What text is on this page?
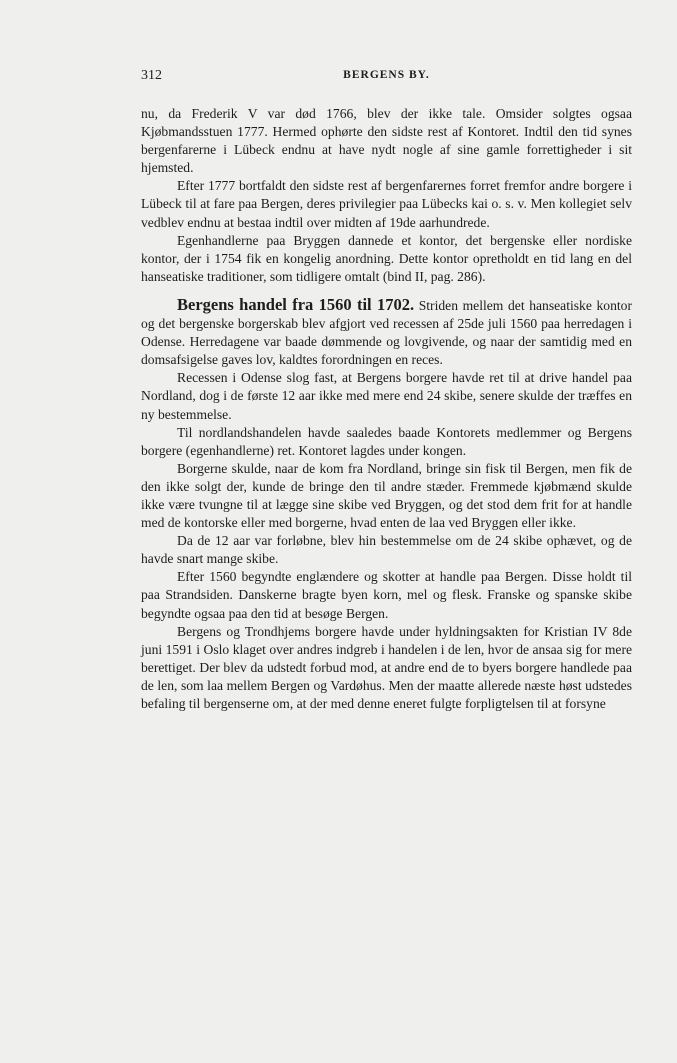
312	BERGENS BY.

nu, da Frederik V var død 1766, blev der ikke tale. Omsider solgtes ogsaa Kjøbmandsstuen 1777. Hermed ophørte den sidste rest af Kontoret. Indtil den tid synes bergenfarerne i Lübeck endnu at have nydt nogle af sine gamle forrettigheder i sit hjemsted.

Efter 1777 bortfaldt den sidste rest af bergenfarernes forret fremfor andre borgere i Lübeck til at fare paa Bergen, deres privilegier paa Lübecks kai o. s. v. Men kollegiet selv vedblev endnu at bestaa indtil over midten af 19de aarhundrede.

Egenhandlerne paa Bryggen dannede et kontor, det bergenske eller nordiske kontor, der i 1754 fik en kongelig anordning. Dette kontor opretholdt en tid lang en del hanseatiske traditioner, som tidligere omtalt (bind II, pag. 286).

Bergens handel fra 1560 til 1702. Striden mellem det hanseatiske kontor og det bergenske borgerskab blev afgjort ved recessen af 25de juli 1560 paa herredagen i Odense. Herredagene var baade dømmende og lovgivende, og naar der samtidig med en domsafsigelse gaves lov, kaldtes forordningen en reces.

Recessen i Odense slog fast, at Bergens borgere havde ret til at drive handel paa Nordland, dog i de første 12 aar ikke med mere end 24 skibe, senere skulde der træffes en ny bestemmelse.

Til nordlandshandelen havde saaledes baade Kontorets medlemmer og Bergens borgere (egenhandlerne) ret. Kontoret lagdes under kongen.

Borgerne skulde, naar de kom fra Nordland, bringe sin fisk til Bergen, men fik de den ikke solgt der, kunde de bringe den til andre stæder. Fremmede kjøbmænd skulde ikke være tvungne til at lægge sine skibe ved Bryggen, og det stod dem frit for at handle med de kontorske eller med borgerne, hvad enten de laa ved Bryggen eller ikke.

Da de 12 aar var forløbne, blev hin bestemmelse om de 24 skibe ophævet, og de havde snart mange skibe.

Efter 1560 begyndte englændere og skotter at handle paa Bergen. Disse holdt til paa Strandsiden. Danskerne bragte byen korn, mel og flesk. Franske og spanske skibe begyndte ogsaa paa den tid at besøge Bergen.

Bergens og Trondhjems borgere havde under hyldningsakten for Kristian IV 8de juni 1591 i Oslo klaget over andres indgreb i handelen i de len, hvor de ansaa sig for mere berettiget. Der blev da udstedt forbud mod, at andre end de to byers borgere handlede paa de len, som laa mellem Bergen og Vardøhus. Men der maatte allerede næste høst udstedes befaling til bergenserne om, at der med denne eneret fulgte forpligtelsen til at forsyne
